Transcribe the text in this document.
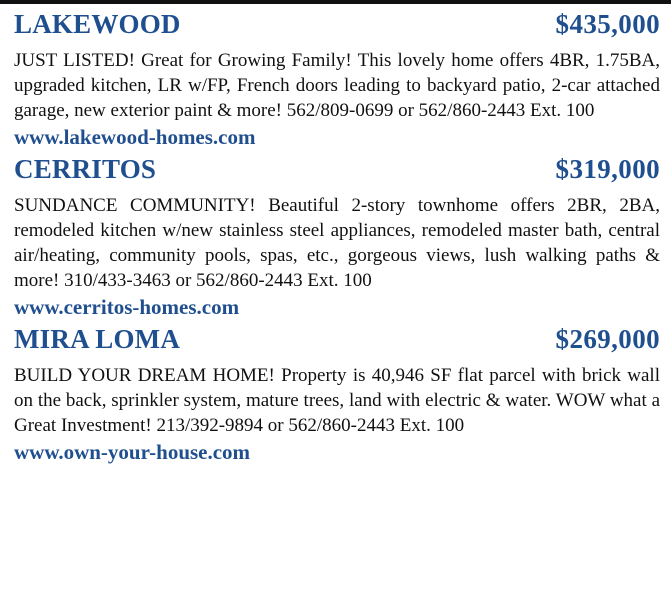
LAKEWOOD	$435,000

JUST LISTED! Great for Growing Family! This lovely home offers 4BR, 1.75BA, upgraded kitchen, LR w/FP, French doors leading to backyard patio, 2-car attached garage, new exterior paint & more! 562/809-0699 or 562/860-2443 Ext. 100

www.lakewood-homes.com
CERRITOS	$319,000

SUNDANCE COMMUNITY! Beautiful 2-story townhome offers 2BR, 2BA, remodeled kitchen w/new stainless steel appliances, remodeled master bath, central air/heating, community pools, spas, etc., gorgeous views, lush walking paths & more! 310/433-3463 or 562/860-2443 Ext. 100

www.cerritos-homes.com
MIRA LOMA	$269,000

BUILD YOUR DREAM HOME! Property is 40,946 SF flat parcel with brick wall on the back, sprinkler system, mature trees, land with electric & water. WOW what a Great Investment! 213/392-9894 or 562/860-2443 Ext. 100

www.own-your-house.com
